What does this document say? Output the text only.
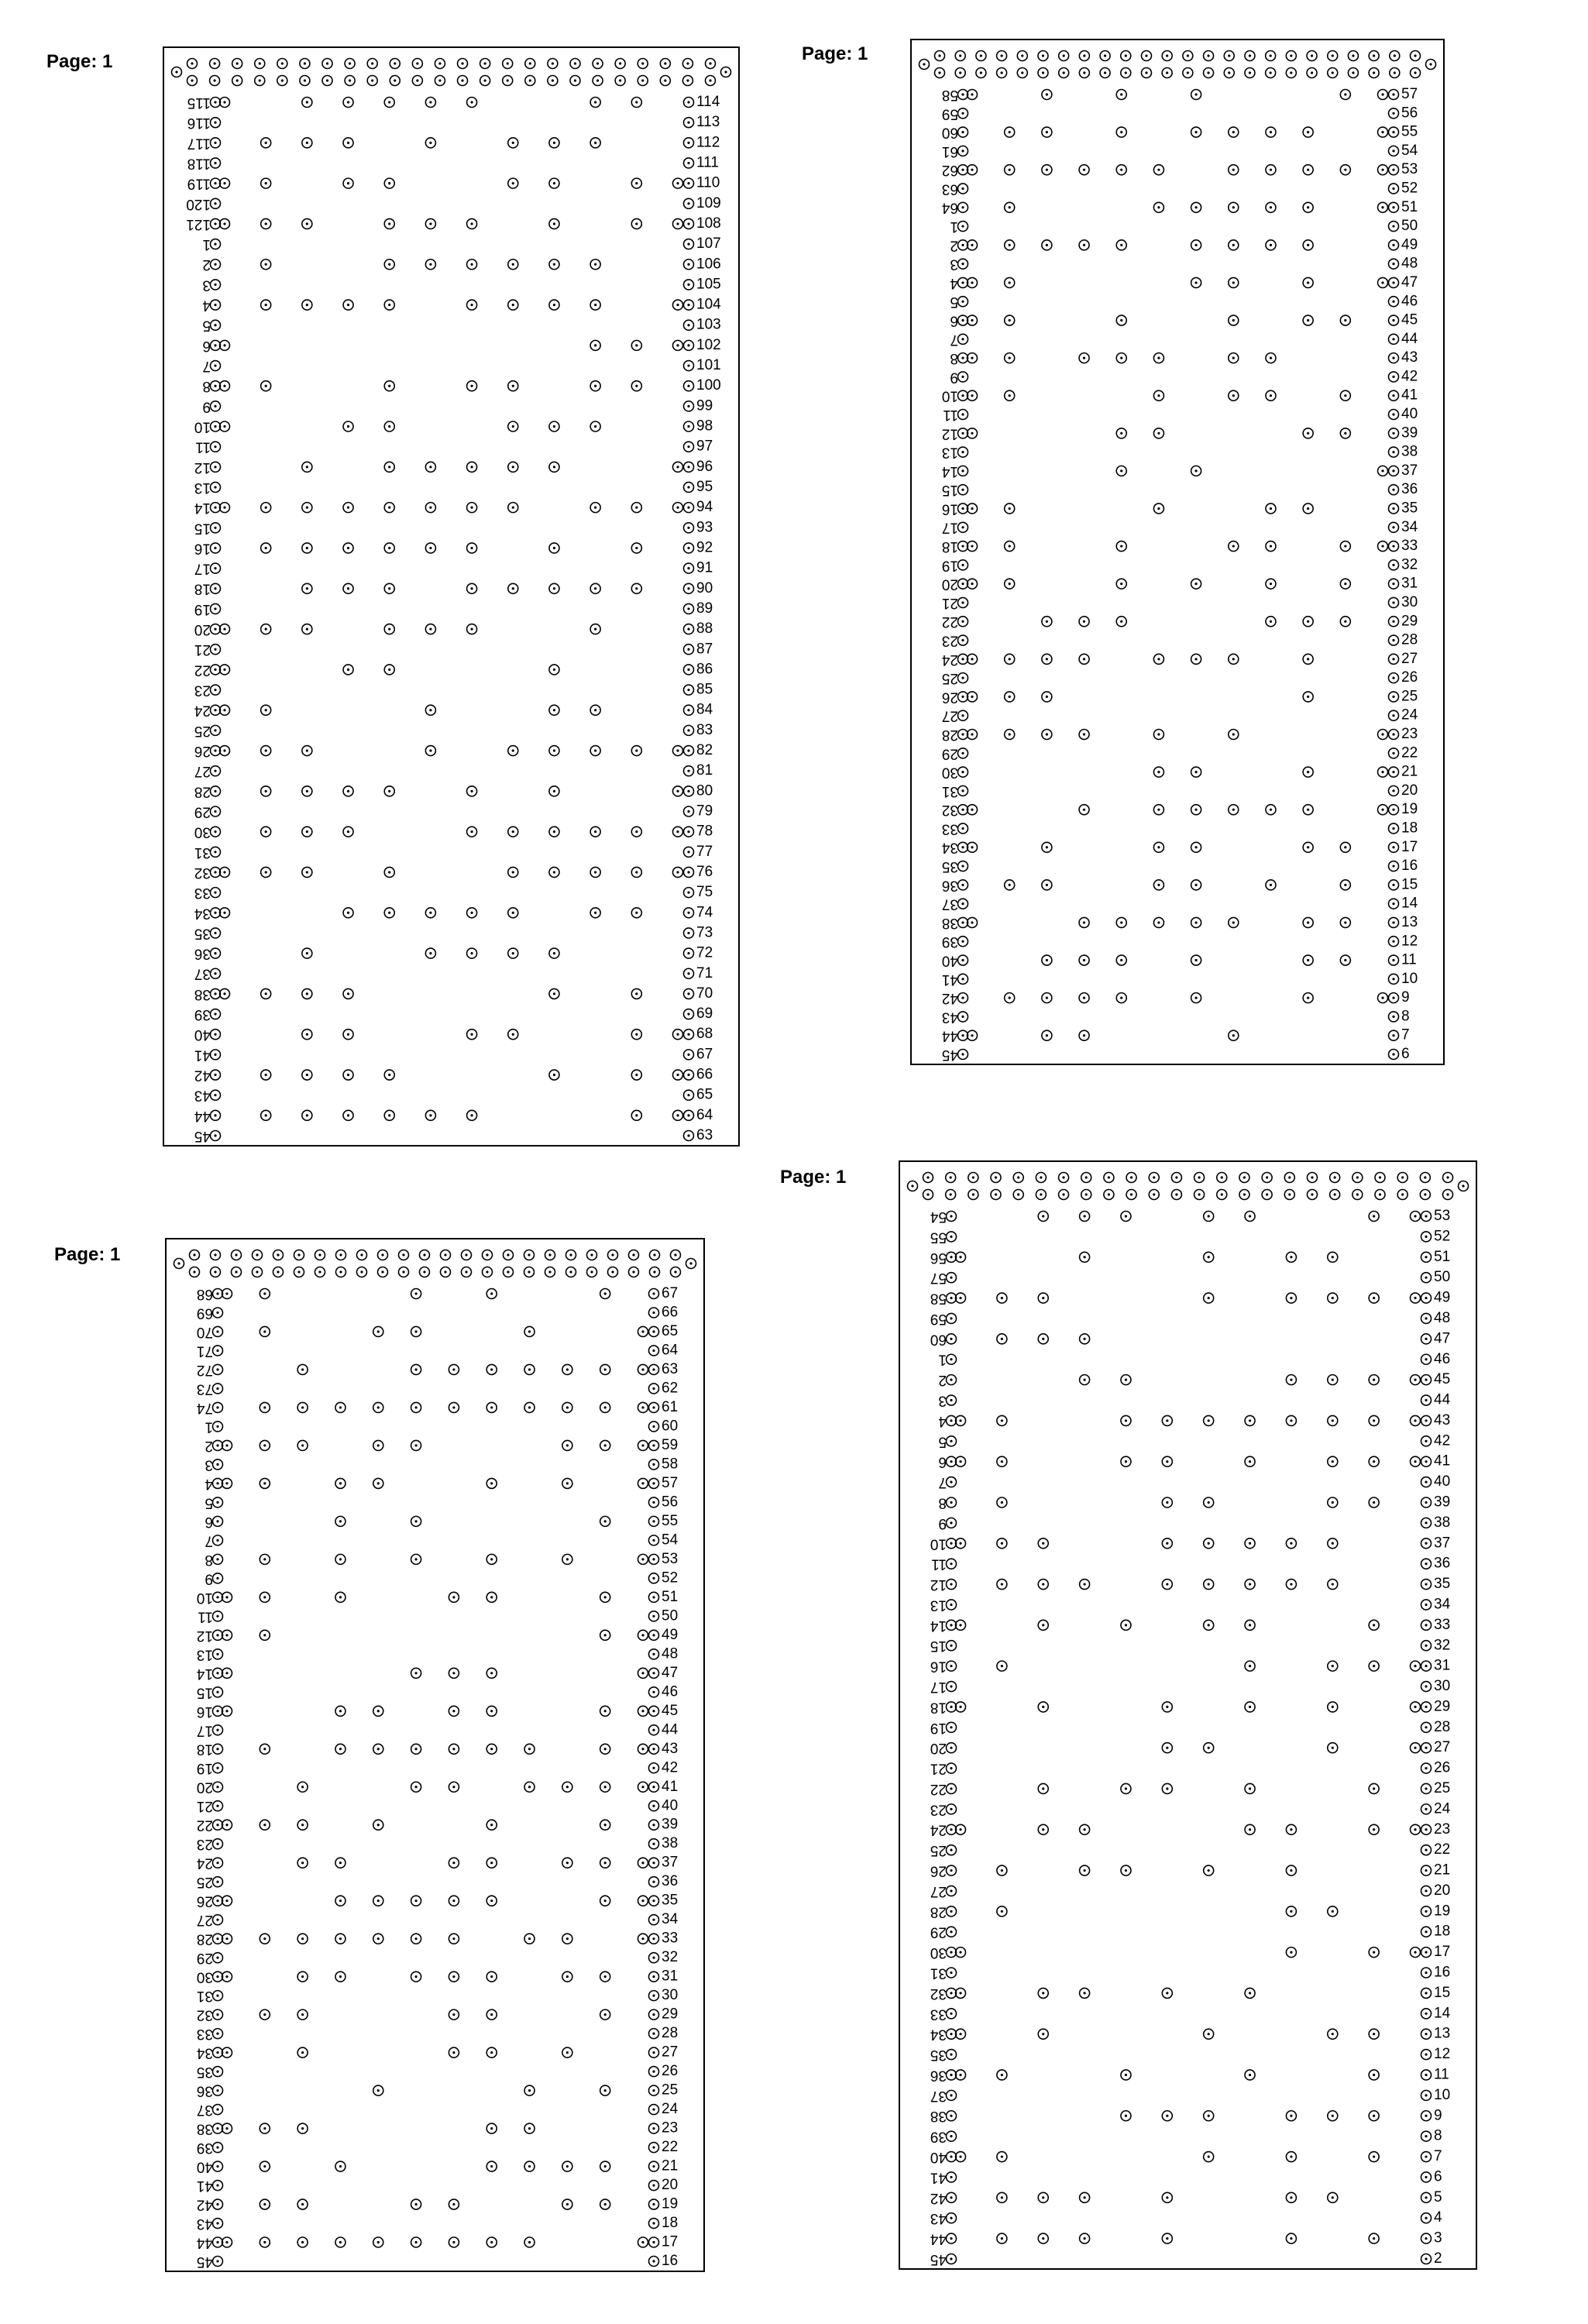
Page: 1
115	114
116	113
117	112
118	111
119	110
120	109
121	108
1	107
2	106
3	105
4	104
5	103
6	102
7	101
8	100
9	99
10	98
11	97
12	96
13	95
14	94
15	93
16	92
17	91
18	90
19	89
20	88
21	87
22	86
23	85
24	84
25	83
26	82
27	81
28	80
29	79
30	78
31	77
32	76
33	75
34	74
35	73
36	72
37	71
38	70
39	69
40	68
41	67
42	66
43	65
44	64
45	63
Page: 1
58	57
59	56
60	55
61	54
62	53
63	52
64	51
1	50
2	49
3	48
4	47
5	46
6	45
7	44
8	43
9	42
10	41
11	40
12	39
13	38
14	37
15	36
16	35
17	34
18	33
19	32
20	31
21	30
22	29
23	28
24	27
25	26
26	25
27	24
28	23
29	22
30	21
31	20
32	19
33	18
34	17
35	16
36	15
37	14
38	13
39	12
40	11
41	10
42	9
43	8
44	7
45	6
Page: 1
68	67
69	66
70	65
71	64
72	63
73	62
74	61
1	60
2	59
3	58
4	57
5	56
6	55
7	54
8	53
9	52
10	51
11	50
12	49
13	48
14	47
15	46
16	45
17	44
18	43
19	42
20	41
21	40
22	39
23	38
24	37
25	36
26	35
27	34
28	33
29	32
30	31
31	30
32	29
33	28
34	27
35	26
36	25
37	24
38	23
39	22
40	21
41	20
42	19
43	18
44	17
45	16
Page: 1
54	53
55	52
56	51
57	50
58	49
59	48
60	47
1	46
2	45
3	44
4	43
5	42
6	41
7	40
8	39
9	38
10	37
11	36
12	35
13	34
14	33
15	32
16	31
17	30
18	29
19	28
20	27
21	26
22	25
23	24
24	23
25	22
26	21
27	20
28	19
29	18
30	17
31	16
32	15
33	14
34	13
35	12
36	11
37	10
38	9
39	8
40	7
41	6
42	5
43	4
44	3
45	2
